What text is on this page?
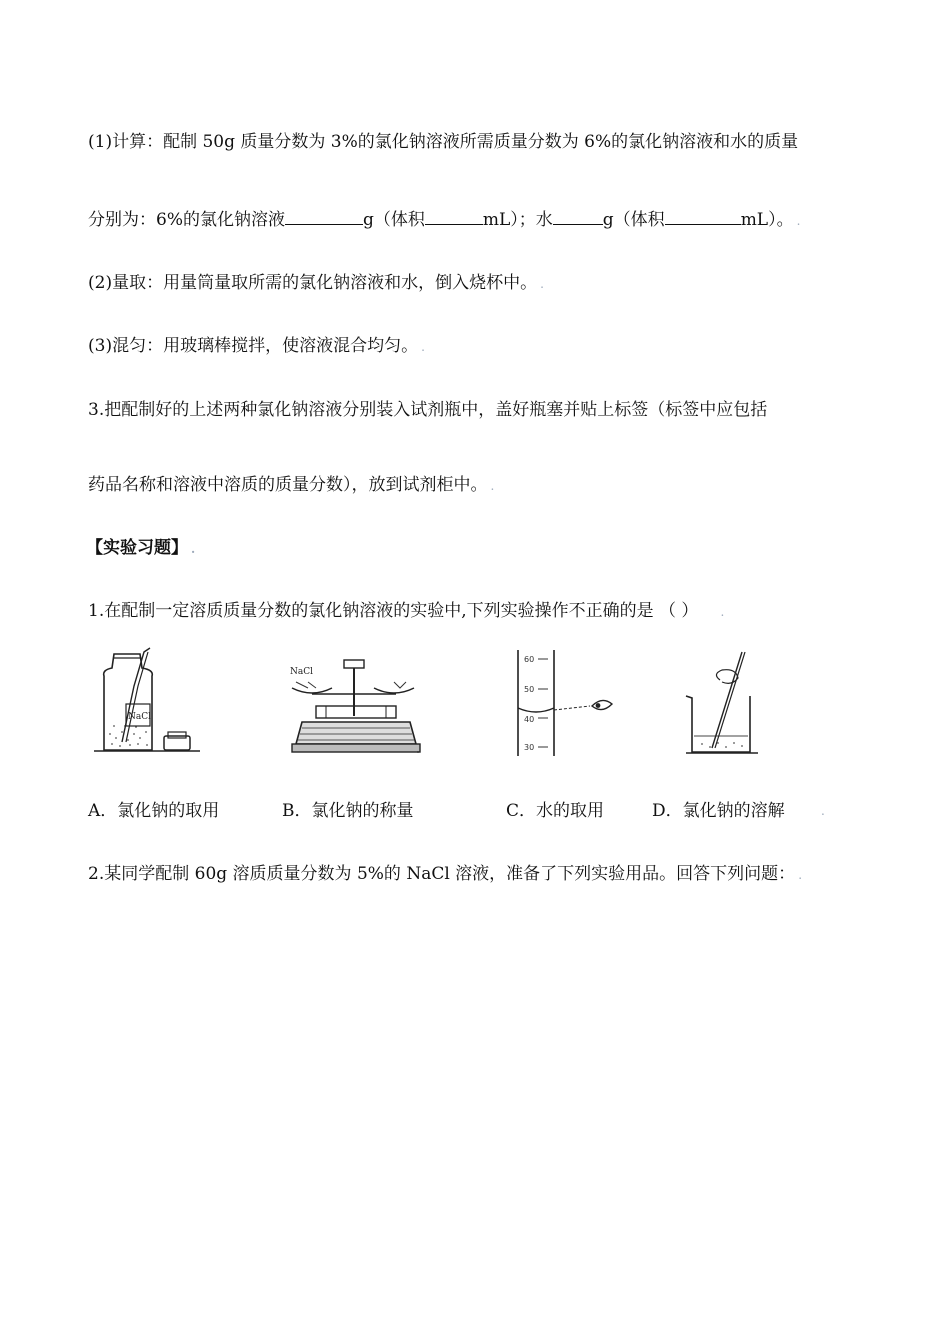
(1)计算：配制 50g 质量分数为 3%的氯化钠溶液所需质量分数为 6%的氯化钠溶液和水的质量
分别为：6%的氯化钠溶液	g（体积	mL）；水	g（体积	mL）。 .
(2)量取：用量筒量取所需的氯化钠溶液和水，倒入烧杯中。 .
(3)混匀：用玻璃棒搅拌，使溶液混合均匀。 .
3.把配制好的上述两种氯化钠溶液分别装入试剂瓶中，盖好瓶塞并贴上标签（标签中应包括
药品名称和溶液中溶质的质量分数），放到试剂柜中。 .
【实验习题】 .
1.在配制一定溶质质量分数的氯化钠溶液的实验中,下列实验操作不正确的是 （ ） .
NaCl
NaCl
60
50
40
30
A．氯化钠的取用	B．氯化钠的称量	C．水的取用	D．氯化钠的溶解	.
2.某同学配制 60g 溶质质量分数为 5%的 NaCl 溶液，准备了下列实验用品。回答下列问题： .
